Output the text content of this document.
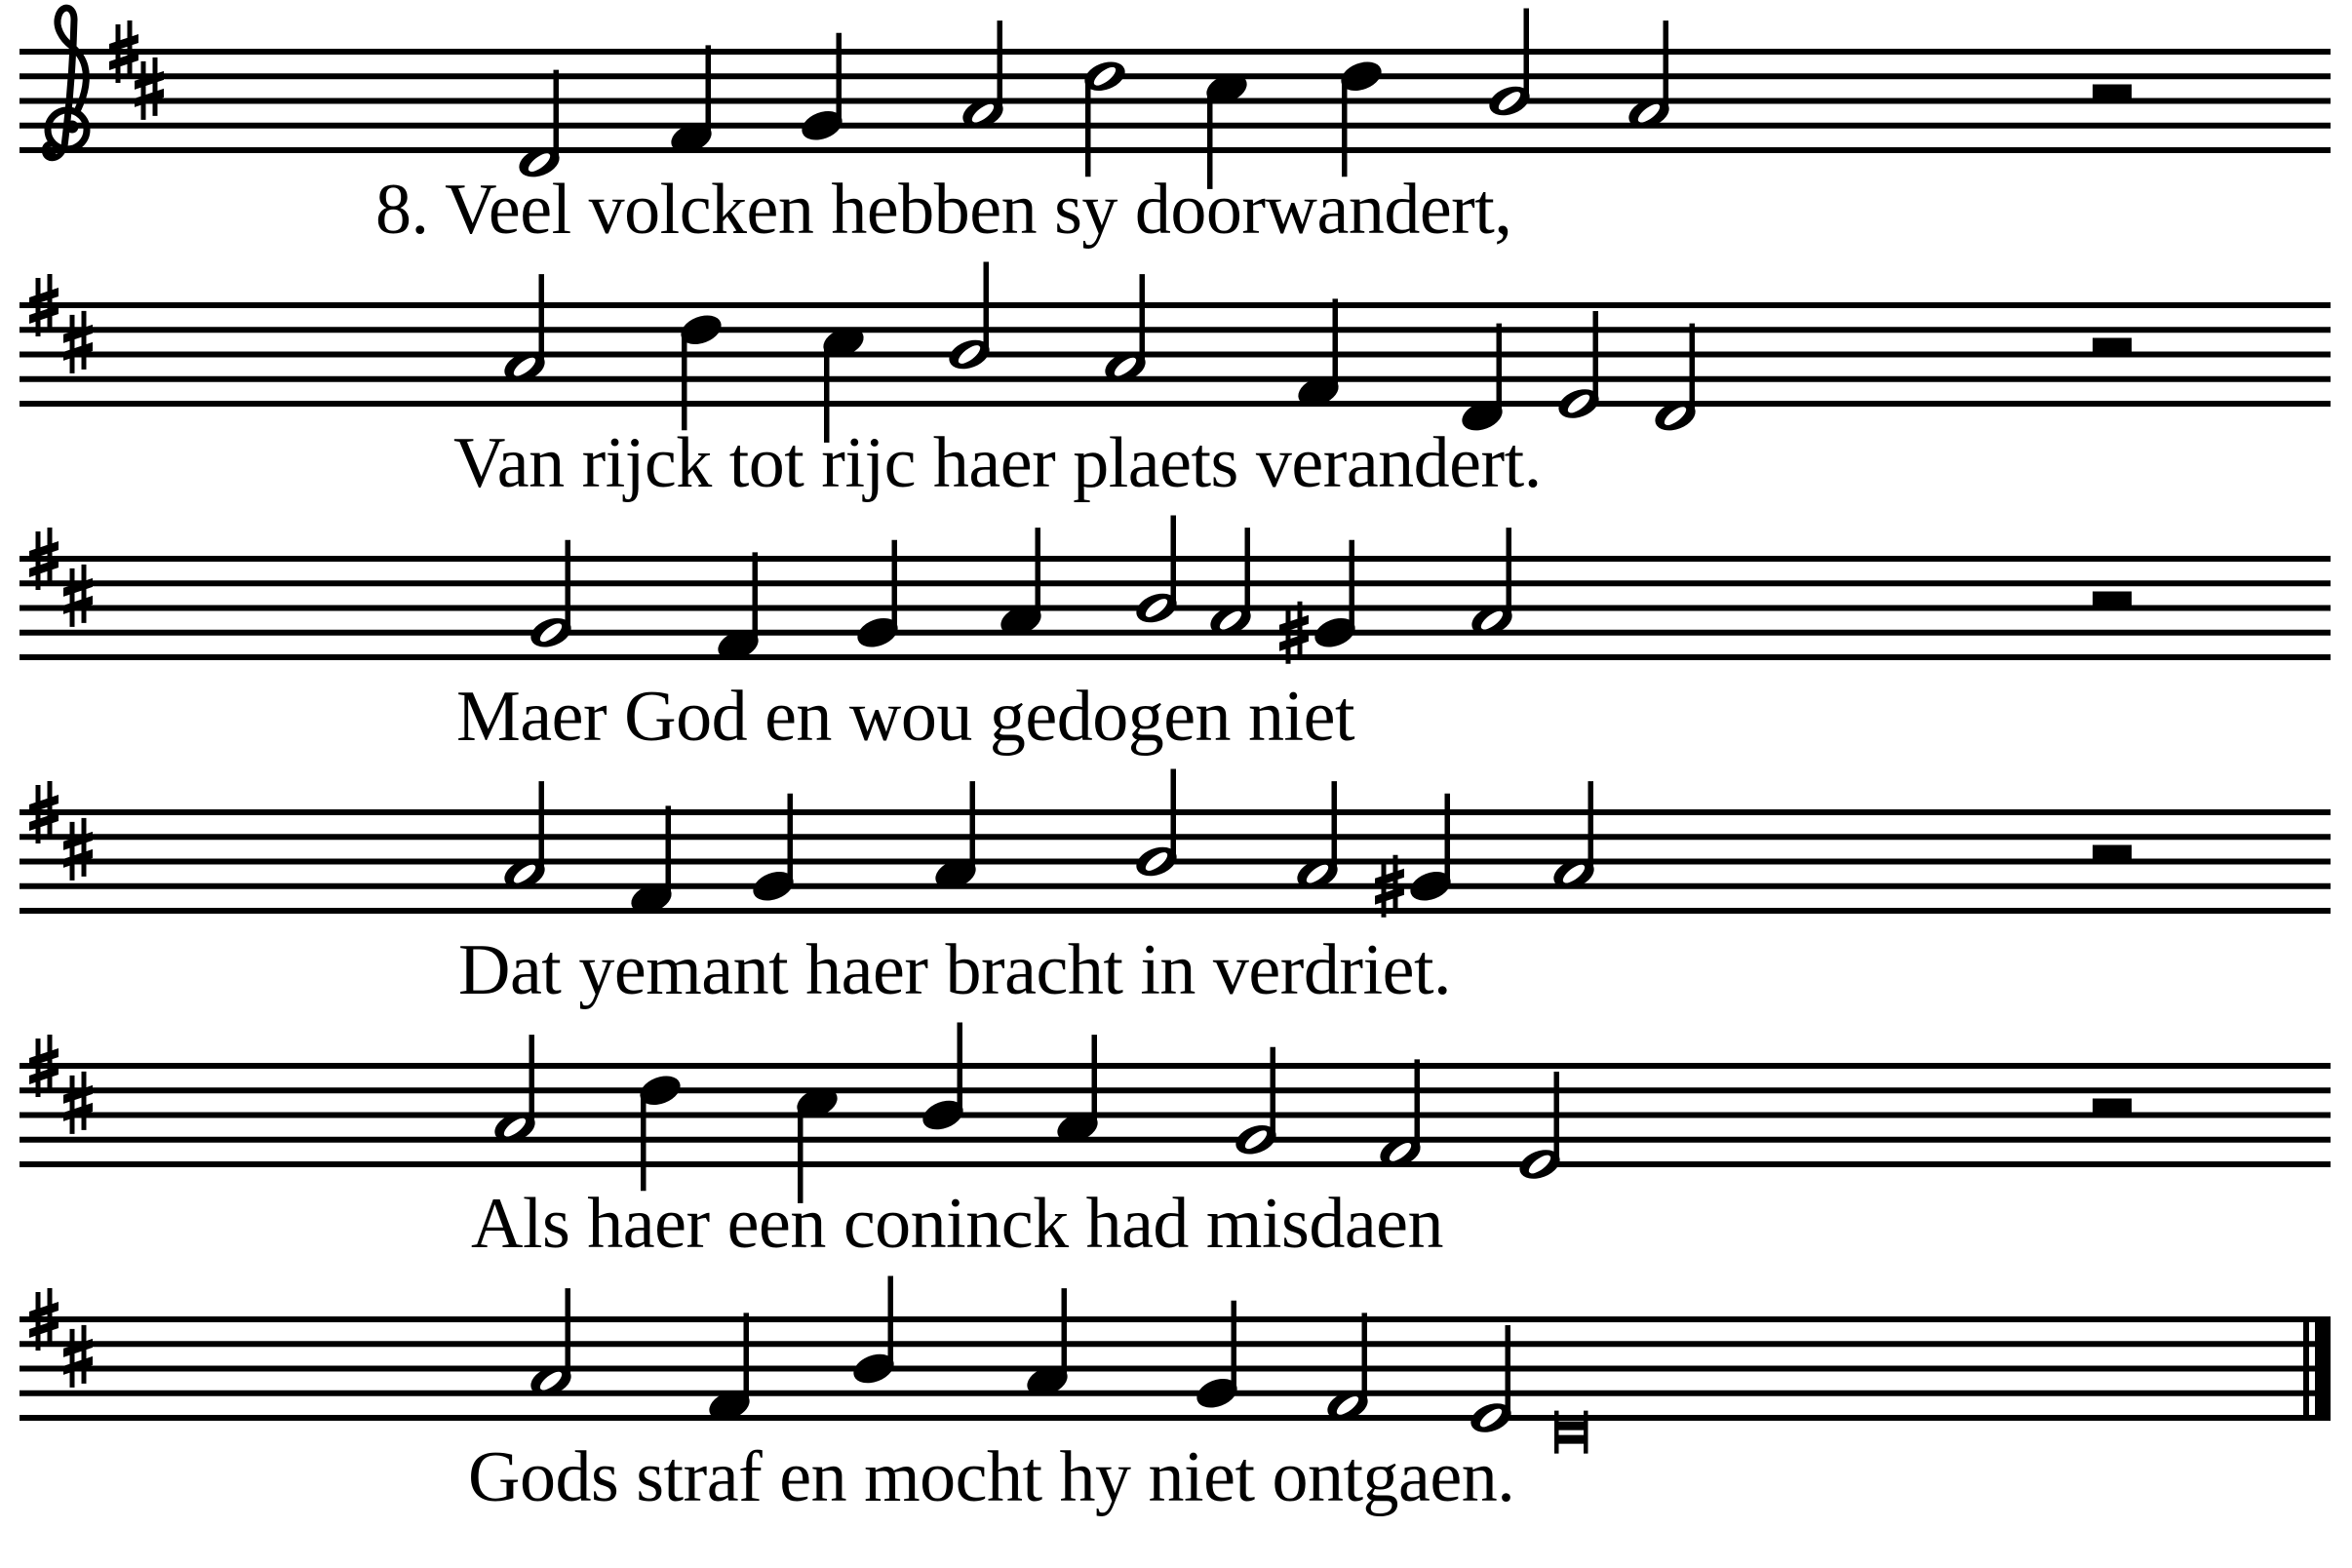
8. Veel volcken hebben sy doorwandert,
Van rijck tot rijc haer plaets verandert.
Maer God en wou gedogen niet
Dat yemant haer bracht in verdriet.
Als haer een coninck had misdaen
Gods straf en mocht hy niet ontgaen.
